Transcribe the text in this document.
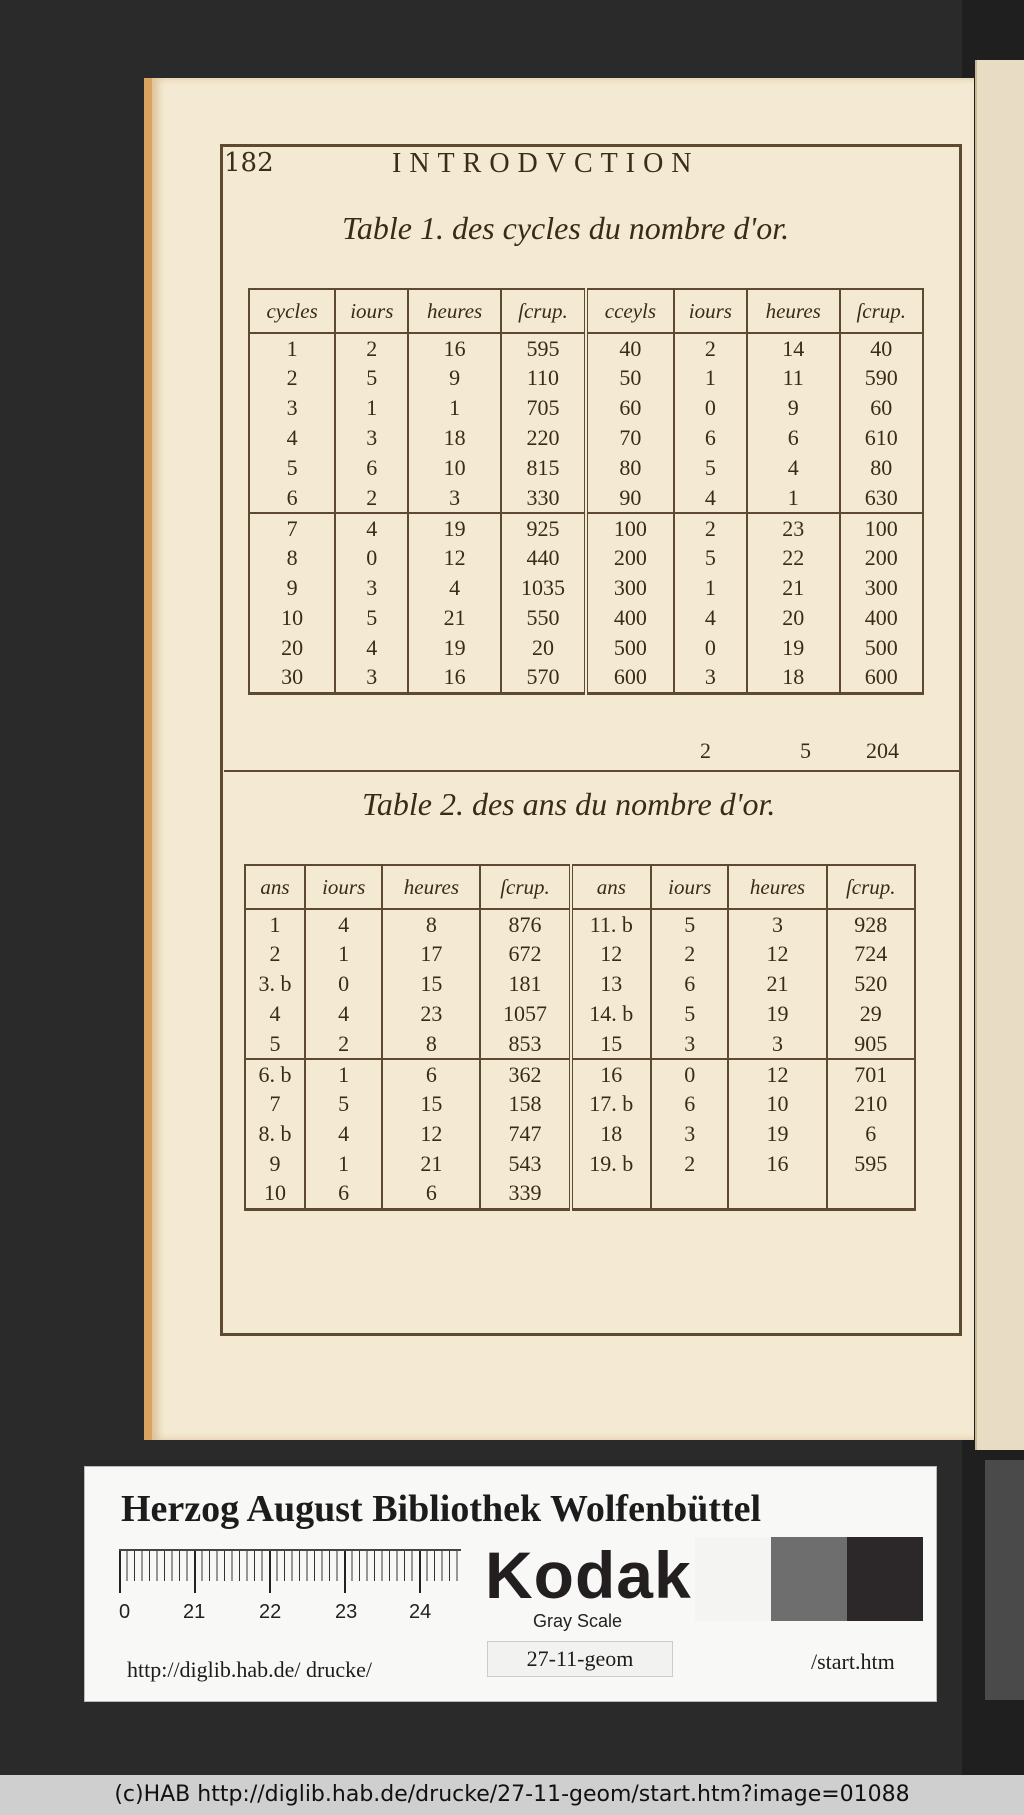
182	INTRODVCTION
Table 1. des cycles du nombre d'or.
cycles	iours	heures	ſcrup.	cceyls	iours	heures	ſcrup.
1	2	16	595	40	2	14	40
2	5	9	110	50	1	11	590
3	1	1	705	60	0	9	60
4	3	18	220	70	6	6	610
5	6	10	815	80	5	4	80
6	2	3	330	90	4	1	630
7	4	19	925	100	2	23	100
8	0	12	440	200	5	22	200
9	3	4	1035	300	1	21	300
10	5	21	550	400	4	20	400
20	4	19	20	500	0	19	500
30	3	16	570	600	3	18	600
2	5	204
Table 2. des ans du nombre d'or.
ans	iours	heures	ſcrup.	ans	iours	heures	ſcrup.
1	4	8	876	11. b	5	3	928
2	1	17	672	12	2	12	724
3. b	0	15	181	13	6	21	520
4	4	23	1057	14. b	5	19	29
5	2	8	853	15	3	3	905
6. b	1	6	362	16	0	12	701
7	5	15	158	17. b	6	10	210
8. b	4	12	747	18	3	19	6
9	1	21	543	19. b	2	16	595
10	6	6	339				
Herzog August Bibliothek Wolfenbüttel
0	21	22	23	24 Kodak
Gray Scale
http://diglib.hab.de/ drucke/	27-11-geom	/start.htm
(c)HAB http://diglib.hab.de/drucke/27-11-geom/start.htm?image=01088
